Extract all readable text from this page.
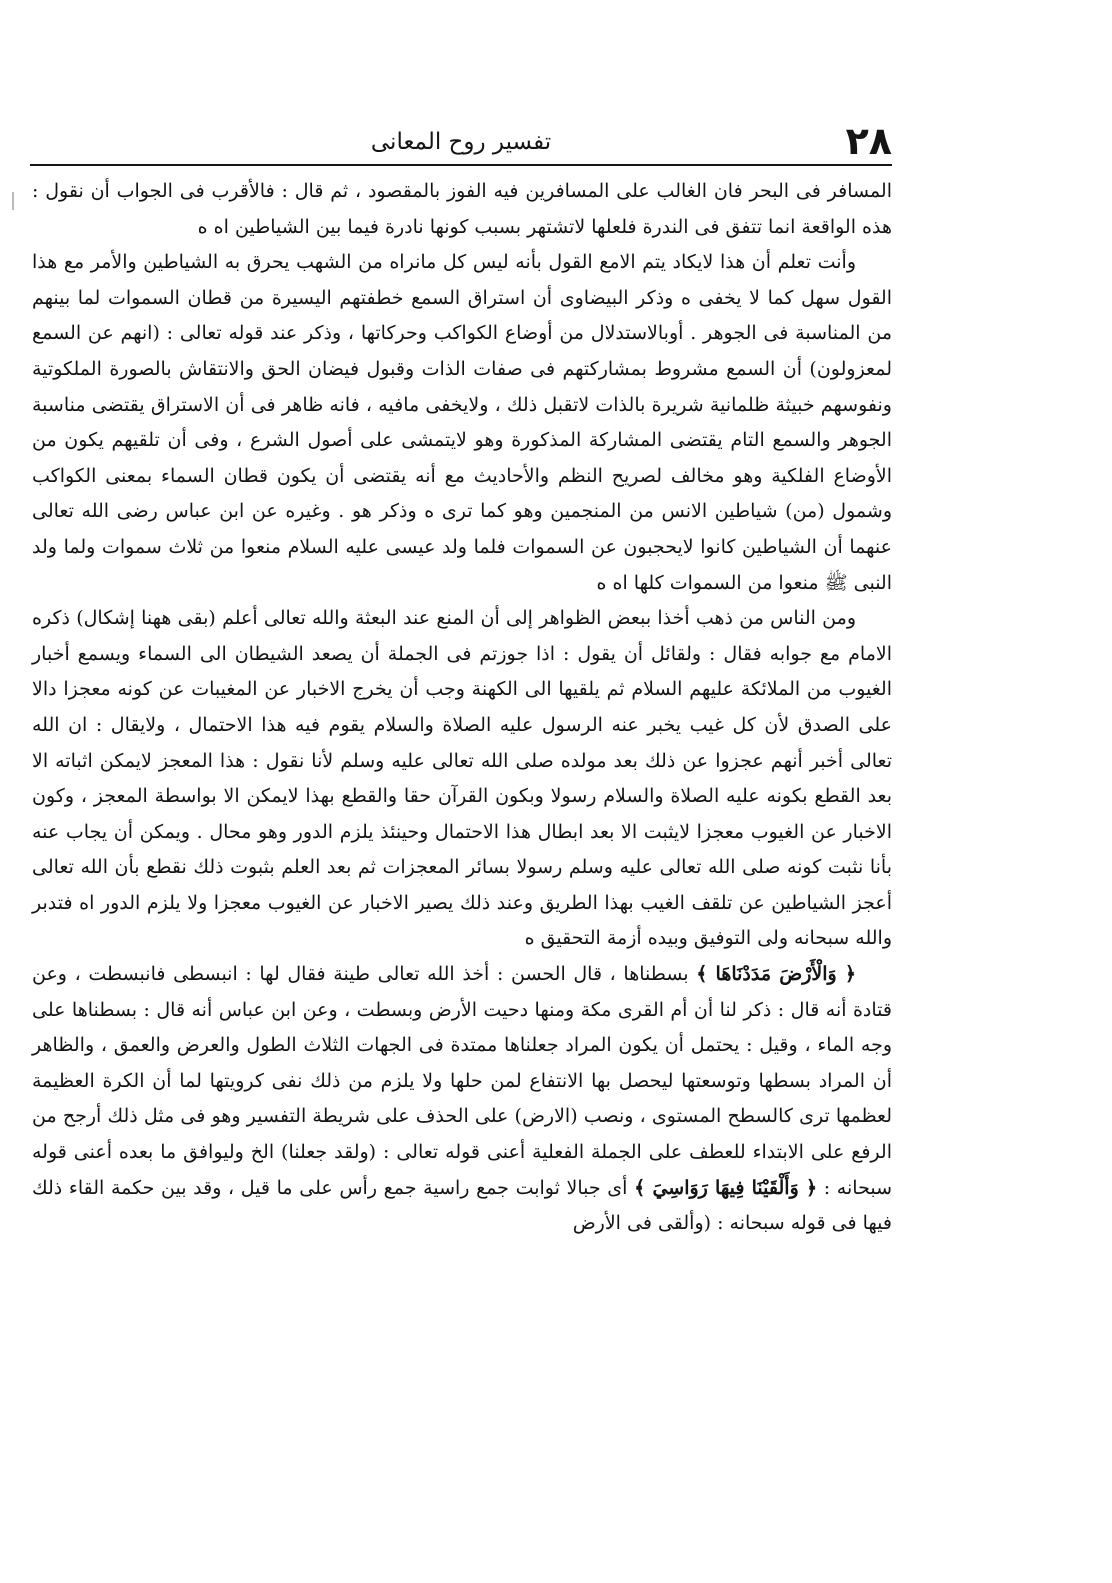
٢٨
تفسير روح المعانى

المسافر فى البحر فان الغالب على المسافرين فيه الفوز بالمقصود ، ثم قال : فالأقرب فى الجواب أن نقول : هذه الواقعة انما تتفق فى الندرة فلعلها لاتشتهر بسبب كونها نادرة فيما بين الشياطين اه ‌ه

وأنت تعلم أن هذا لايكاد يتم الامع القول بأنه ليس كل مانراه من الشهب يحرق به الشياطين والأمر مع هذا القول سهل كما لا يخفى ‌ه وذكر البيضاوى أن استراق السمع خطفتهم اليسيرة من قطان السموات لما بينهم من المناسبة فى الجوهر . أوبالاستدلال من أوضاع الكواكب وحركاتها ، وذكر عند قوله تعالى : (انهم عن السمع لمعزولون) أن السمع مشروط بمشاركتهم فى صفات الذات وقبول فيضان الحق والانتقاش بالصورة الملكوتية ونفوسهم خبيثة ظلمانية شريرة بالذات لاتقبل ذلك ، ولايخفى مافيه ، فانه ظاهر فى أن الاستراق يقتضى مناسبة الجوهر والسمع التام يقتضى المشاركة المذكورة وهو لايتمشى على أصول الشرع ، وفى أن تلقيهم يكون من الأوضاع الفلكية وهو مخالف لصريح النظم والأحاديث مع أنه يقتضى أن يكون قطان السماء بمعنى الكواكب وشمول (من) شياطين الانس من المنجمين وهو كما ترى ‌ه وذكر هو . وغيره عن ابن عباس رضى الله تعالى عنهما أن الشياطين كانوا لايحجبون عن السموات فلما ولد عيسى عليه السلام منعوا من ثلاث سموات ولما ولد النبى ﷺ منعوا من السموات كلها اه ‌ه

ومن الناس من ذهب أخذا ببعض الظواهر إلى أن المنع عند البعثة والله تعالى أعلم (بقى ههنا إشكال) ذكره الامام مع جوابه فقال : ولقائل أن يقول : اذا جوزتم فى الجملة أن يصعد الشيطان الى السماء ويسمع أخبار الغيوب من الملائكة عليهم السلام ثم يلقيها الى الكهنة وجب أن يخرج الاخبار عن المغيبات عن كونه معجزا دالا على الصدق لأن كل غيب يخبر عنه الرسول عليه الصلاة والسلام يقوم فيه هذا الاحتمال ، ولايقال : ان الله تعالى أخبر أنهم عجزوا عن ذلك بعد مولده صلى الله تعالى عليه وسلم لأنا نقول : هذا المعجز لايمكن اثباته الا بعد القطع بكونه عليه الصلاة والسلام رسولا وبكون القرآن حقا والقطع بهذا لايمكن الا بواسطة المعجز ، وكون الاخبار عن الغيوب معجزا لايثبت الا بعد ابطال هذا الاحتمال وحينئذ يلزم الدور وهو محال . ويمكن أن يجاب عنه بأنا نثبت كونه صلى الله تعالى عليه وسلم رسولا بسائر المعجزات ثم بعد العلم بثبوت ذلك نقطع بأن الله تعالى أعجز الشياطين عن تلقف الغيب بهذا الطريق وعند ذلك يصير الاخبار عن الغيوب معجزا ولا يلزم الدور اه فتدبر والله سبحانه ولى التوفيق وبيده أزمة التحقيق ‌ه

﴿ وَالْأَرْضَ مَدَدْنَاهَا ﴾ بسطناها ، قال الحسن : أخذ الله تعالى طينة فقال لها : انبسطى فانبسطت ، وعن قتادة أنه قال : ذكر لنا أن أم القرى مكة ومنها دحيت الأرض وبسطت ، وعن ابن عباس أنه قال : بسطناها على وجه الماء ، وقيل : يحتمل أن يكون المراد جعلناها ممتدة فى الجهات الثلاث الطول والعرض والعمق ، والظاهر أن المراد بسطها وتوسعتها ليحصل بها الانتفاع لمن حلها ولا يلزم من ذلك نفى كرويتها لما أن الكرة العظيمة لعظمها ترى كالسطح المستوى ، ونصب (الارض) على الحذف على شريطة التفسير وهو فى مثل ذلك أرجح من الرفع على الابتداء للعطف على الجملة الفعلية أعنى قوله تعالى : (ولقد جعلنا) الخ وليوافق ما بعده أعنى قوله سبحانه : ﴿ وَأَلْقَيْنَا فِيهَا رَوَاسِيَ ﴾ أى جبالا ثوابت جمع راسية جمع رأس على ما قيل ، وقد بين حكمة القاء ذلك فيها فى قوله سبحانه : (وألقى فى الأرض
